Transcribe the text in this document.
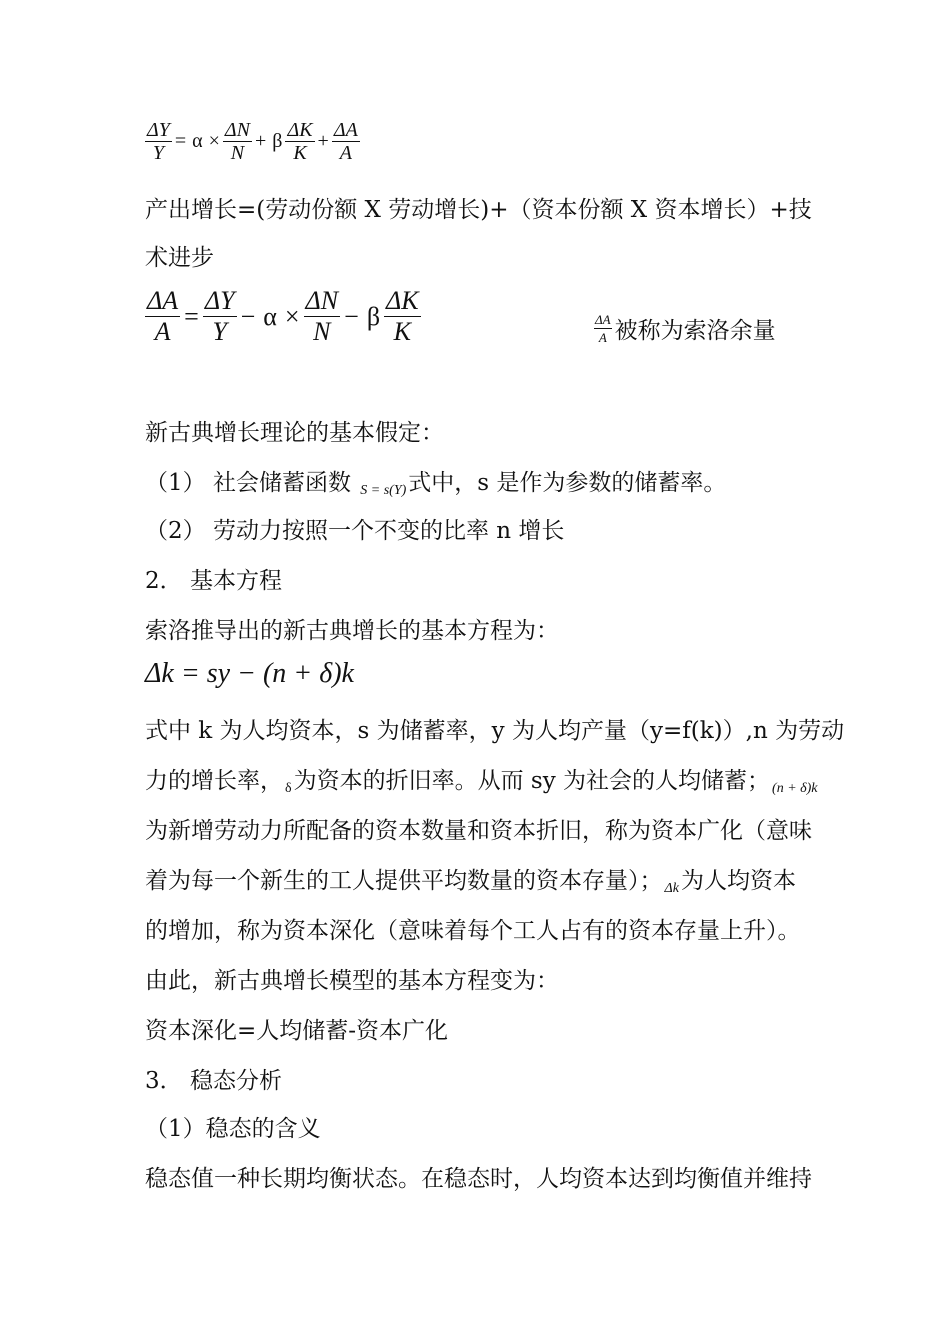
$\frac{\Delta Y}{Y} = \alpha \times \frac{\Delta N}{N} + \beta \frac{\Delta K}{K} + \frac{\Delta A}{A}$
产出增长=(劳动份额 X 劳动增长)+（资本份额 X 资本增长）+技
术进步
$\frac{\Delta A}{A} = \frac{\Delta Y}{Y} - \alpha \times \frac{\Delta N}{N} - \beta \frac{\Delta K}{K}$	$\frac{\Delta A}{A}$ 被称为索洛余量
新古典增长理论的基本假定：
（1） 社会储蓄函数 S = s(Y)式中，s 是作为参数的储蓄率。
（2） 劳动力按照一个不变的比率 n 增长
2． 基本方程
索洛推导出的新古典增长的基本方程为：
Δk = sy − (n + δ)k
式中 k 为人均资本，s 为储蓄率，y 为人均产量（y=f(k)）,n 为劳动
力的增长率， δ为资本的折旧率。从而 sy 为社会的人均储蓄； (n + δ)k
为新增劳动力所配备的资本数量和资本折旧，称为资本广化（意味
着为每一个新生的工人提供平均数量的资本存量）； Δk为人均资本
的增加，称为资本深化（意味着每个工人占有的资本存量上升）。
由此，新古典增长模型的基本方程变为：
资本深化=人均储蓄-资本广化
3． 稳态分析
（1）稳态的含义
稳态值一种长期均衡状态。在稳态时，人均资本达到均衡值并维持
